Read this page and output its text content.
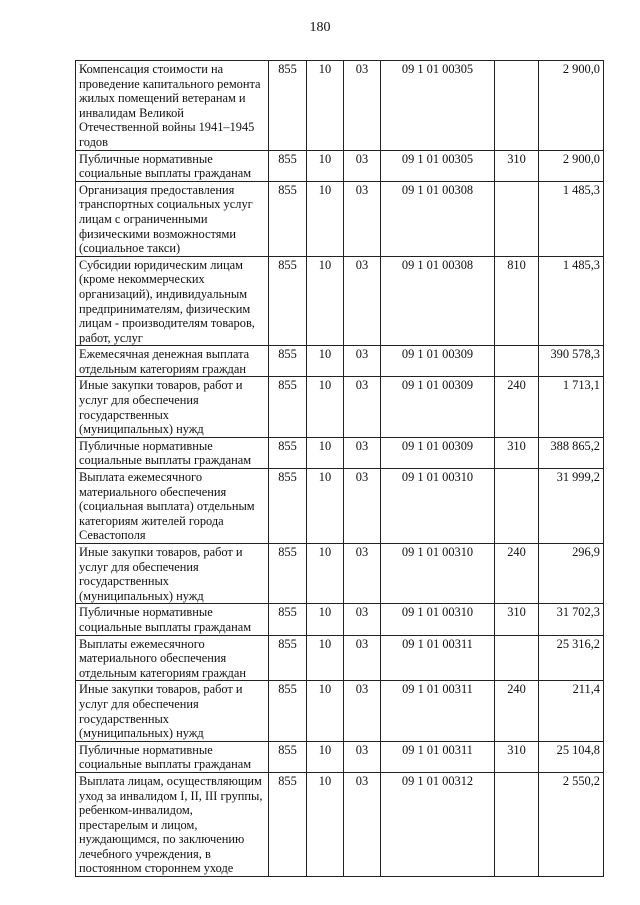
180
Компенсация стоимости на проведение капитального ремонта жилых помещений ветеранам и инвалидам Великой Отечественной войны 1941–1945 годов	855	10	03	09 1 01 00305		2 900,0
Публичные нормативные социальные выплаты гражданам	855	10	03	09 1 01 00305	310	2 900,0
Организация предоставления транспортных социальных услуг лицам с ограниченными физическими возможностями (социальное такси)	855	10	03	09 1 01 00308		1 485,3
Субсидии юридическим лицам (кроме некоммерческих организаций), индивидуальным предпринимателям, физическим лицам - производителям товаров, работ, услуг	855	10	03	09 1 01 00308	810	1 485,3
Ежемесячная денежная выплата отдельным категориям граждан	855	10	03	09 1 01 00309		390 578,3
Иные закупки товаров, работ и услуг для обеспечения государственных (муниципальных) нужд	855	10	03	09 1 01 00309	240	1 713,1
Публичные нормативные социальные выплаты гражданам	855	10	03	09 1 01 00309	310	388 865,2
Выплата ежемесячного материального обеспечения (социальная выплата) отдельным категориям жителей города Севастополя	855	10	03	09 1 01 00310		31 999,2
Иные закупки товаров, работ и услуг для обеспечения государственных (муниципальных) нужд	855	10	03	09 1 01 00310	240	296,9
Публичные нормативные социальные выплаты гражданам	855	10	03	09 1 01 00310	310	31 702,3
Выплаты ежемесячного материального обеспечения отдельным категориям граждан	855	10	03	09 1 01 00311		25 316,2
Иные закупки товаров, работ и услуг для обеспечения государственных (муниципальных) нужд	855	10	03	09 1 01 00311	240	211,4
Публичные нормативные социальные выплаты гражданам	855	10	03	09 1 01 00311	310	25 104,8
Выплата лицам, осуществляющим уход за инвалидом I, II, III группы, ребенком-инвалидом, престарелым и лицом, нуждающимся, по заключению лечебного учреждения, в постоянном стороннем уходе	855	10	03	09 1 01 00312		2 550,2
